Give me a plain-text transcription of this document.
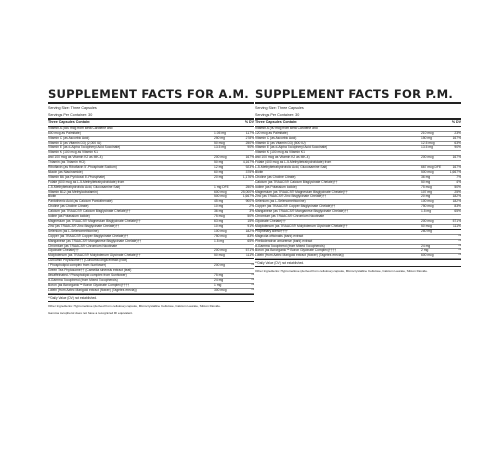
SUPPLEMENT FACTS FOR A.M.
Serving Size: Three Capsules
Servings Per Container: 30
Three Capsules Contain:	% DV
Vitamin A (450 mcg from Beta Carotene and
600 mcg as Palmitate)	1.05 mg	117%
Vitamin C (as Ascorbic Acid)	250 mg	278%
Vitamin D (as Vitamin D3) (2,000 IU)	50 mcg	250%
Vitamin E (as d-Alpha Tocopheryl Acid Succinate)	13.5 mg	90%
Vitamin K (100 mcg as Vitamin K1
and 100 mcg as Vitamin K2 as MK-4)	200 mcg	167%
Thiamin (as Thiamin HCl)	50 mg	4,167%
Riboflavin (as Riboflavin 5'-Phosphate Sodium)	12 mg	923%
Niacin (as Niacinamide)	60 mg	375%
Vitamin B6 (as Pyridoxal 5'-Phosphate)	20 mg	1,176%
Folate (600 mcg as L-5-Methyltetrahydrofolate) from
L-5-Methyltetrahydrofolic Acid, Glucosamine Salt)	1 mg DFE	250%
Vitamin B12 (as Methylcobalamin)	600 mcg	25,000%
Biotin	500 mcg	1,667%
Pantothenic Acid (as Calcium Pantothenate)	45 mg	900%
Choline (as Choline Citrate)	10 mg	2%
Calcium (as TRAACS® Calcium Bisglycinate Chelate)††	36 mg	3%
Iodine (as Potassium Iodide)	75 mcg	50%
Magnesium (as TRAACS® Magnesium Bisglycinate Chelate)††	63 mg	15%
Zinc (as TRAACS® Zinc Bisglycinate Chelate)††	10 mg	91%
Selenium (as L-Selenomethionine)	100 mcg	182%
Copper (as TRAACS® Copper Bisglycinate Chelate)††	750 mcg	83%
Manganese (as TRAACS® Manganese Bisglycinate Chelate)††	1.5 mg	65%
Chromium (as TRAACS® Chromium Nicotinate
Glycinate Chelate)††	200 mcg	571%
Molybdenum (as TRAACS® Molybdenum Glycinate Chelate)††	50 mcg	111%
Curcumin Phytosome†† (Curcuma longa extract (root)
/ Phospholipid complex from Sunflower)	200 mg	**
Green Tea Phytosome†† (Camellia sinensis extract (leaf)
decaffeinated / Phospholipid complex from Sunflower)	75 mg	**
d-Gamma Tocopherol (from Mixed Tocopherols)	24 mg	**
Boron (as Bororganic™ Boron Glycinate Complex)††††	1 mg	**
Lutein (from Aztec Marigold extract (flower) (Tagetes erecta))	300 mcg	**
**Daily Value (DV) not established.
Other Ingredients: Hypromellose (derived from cellulose) capsule, Microcrystalline Cellulose, Calcium Laurate, Silicon Dioxide.
Gamma tocopherol does not have a recognized RI equivalent.
SUPPLEMENT FACTS FOR P.M.
Serving Size: Three Capsules
Servings Per Container: 30
Three Capsules Contain:	% DV
Vitamin A (90 mcg from Beta Carotene and
120 mcg as Palmitate)	210 mcg	23%
Vitamin C (as Ascorbic Acid)	150 mg	167%
Vitamin D (as Vitamin D3) (500 IU)	12.5 mcg	63%
Vitamin E (as d-Alpha Tocopheryl Acid Succinate)	13.5 mg	90%
Vitamin K (100 mcg as Vitamin K1
and 100 mcg as Vitamin K2 as MK-4)	200 mcg	167%
Folate (400 mcg as L-5-Methyltetrahydrofolate) from
L-5-Methyltetrahydrofolic Acid, Glucosamine Salt)	667 mcg DFE	167%
Biotin	500 mcg	1,667%
Choline (as Choline Citrate)	36 mg	7%
Calcium (as TRAACS® Calcium Bisglycinate Chelate)††	50 mg	4%
Iodine (as Potassium Iodide)	75 mcg	50%
Magnesium (as TRAACS® Magnesium Bisglycinate Chelate)††	107 mg	25%
Zinc (as TRAACS® Zinc Bisglycinate Chelate)††	20 mg	182%
Selenium (as L-Selenomethionine)	100 mcg	182%
Copper (as TRAACS® Copper Bisglycinate Chelate)††	750 mcg	83%
Manganese (as TRAACS® Manganese Bisglycinate Chelate)††	1.5 mg	65%
Chromium (as TRAACS® Chromium Nicotinate
Glycinate Chelate)††	200 mcg	571%
Molybdenum (as TRAACS® Molybdenum Glycinate Chelate)††	50 mcg	111%
Proprietary Blend††††	260 mg
Magnolia officinalis (bark) extract	**
Phellodendron amurense (bark) extract	**
d-Gamma Tocopherol (from Mixed Tocopherols)	24 mg	**
Boron (as Bororganic™ Boron Glycinate Complex)††††	2 mg	**
Lutein (from Aztec Marigold extract (flower) (Tagetes erecta))	600 mcg	**
**Daily Value (DV) not established.
Other Ingredients: Hypromellose (derived from cellulose) capsule, Microcrystalline Cellulose, Calcium Laurate, Silicon Dioxide.
